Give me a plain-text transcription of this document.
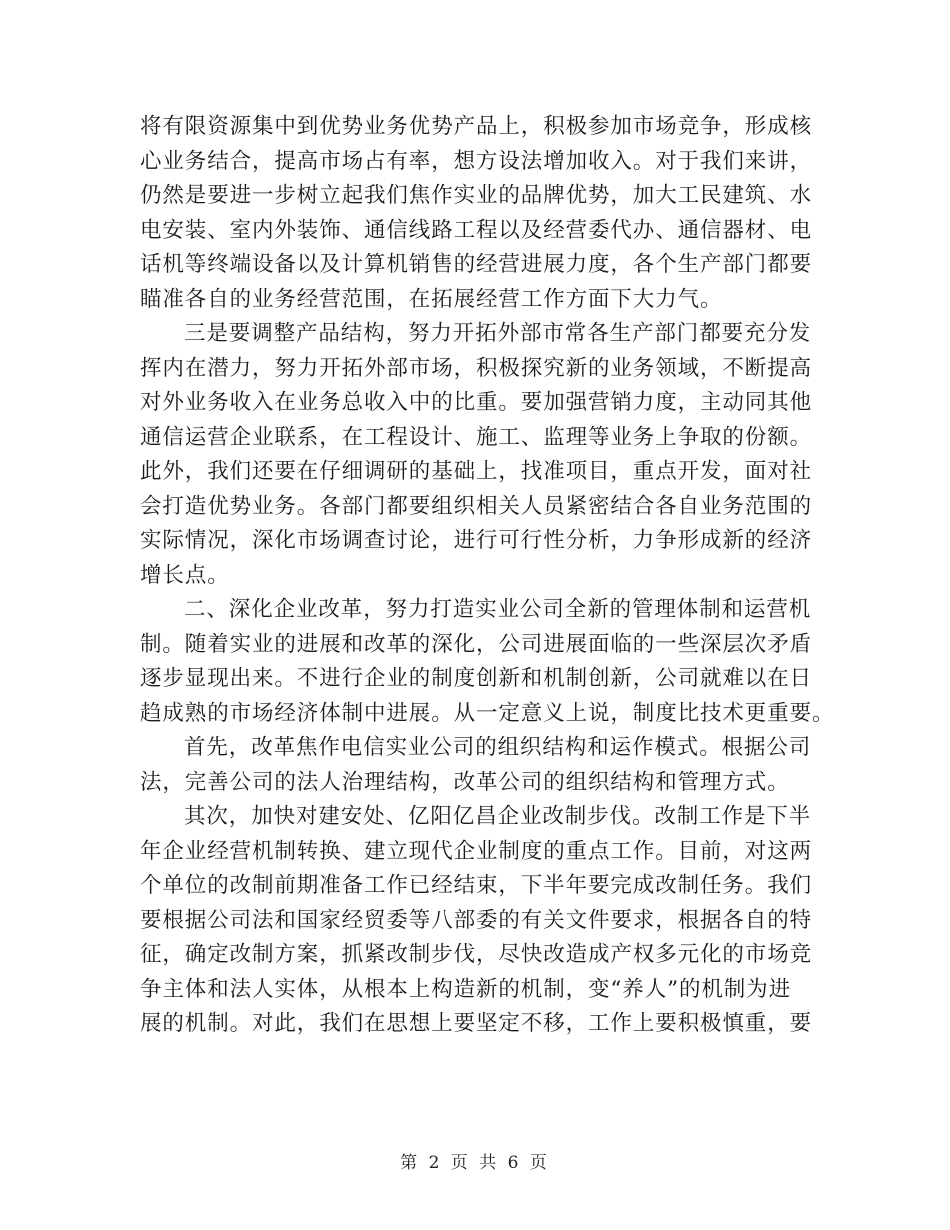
将有限资源集中到优势业务优势产品上，积极参加市场竞争，形成核
心业务结合，提高市场占有率，想方设法增加收入。对于我们来讲，
仍然是要进一步树立起我们焦作实业的品牌优势，加大工民建筑、水
电安装、室内外装饰、通信线路工程以及经营委代办、通信器材、电
话机等终端设备以及计算机销售的经营进展力度，各个生产部门都要
瞄准各自的业务经营范围，在拓展经营工作方面下大力气。
三是要调整产品结构，努力开拓外部市常各生产部门都要充分发
挥内在潜力，努力开拓外部市场，积极探究新的业务领域，不断提高
对外业务收入在业务总收入中的比重。要加强营销力度，主动同其他
通信运营企业联系，在工程设计、施工、监理等业务上争取的份额。
此外，我们还要在仔细调研的基础上，找准项目，重点开发，面对社
会打造优势业务。各部门都要组织相关人员紧密结合各自业务范围的
实际情况，深化市场调查讨论，进行可行性分析，力争形成新的经济
增长点。
二、深化企业改革，努力打造实业公司全新的管理体制和运营机
制。随着实业的进展和改革的深化，公司进展面临的一些深层次矛盾
逐步显现出来。不进行企业的制度创新和机制创新，公司就难以在日
趋成熟的市场经济体制中进展。从一定意义上说，制度比技术更重要。
首先，改革焦作电信实业公司的组织结构和运作模式。根据公司
法，完善公司的法人治理结构，改革公司的组织结构和管理方式。
其次，加快对建安处、亿阳亿昌企业改制步伐。改制工作是下半
年企业经营机制转换、建立现代企业制度的重点工作。目前，对这两
个单位的改制前期准备工作已经结束，下半年要完成改制任务。我们
要根据公司法和国家经贸委等八部委的有关文件要求，根据各自的特
征，确定改制方案，抓紧改制步伐，尽快改造成产权多元化的市场竞
争主体和法人实体，从根本上构造新的机制，变“养人”的机制为进
展的机制。对此，我们在思想上要坚定不移，工作上要积极慎重，要
第 2 页 共 6 页
